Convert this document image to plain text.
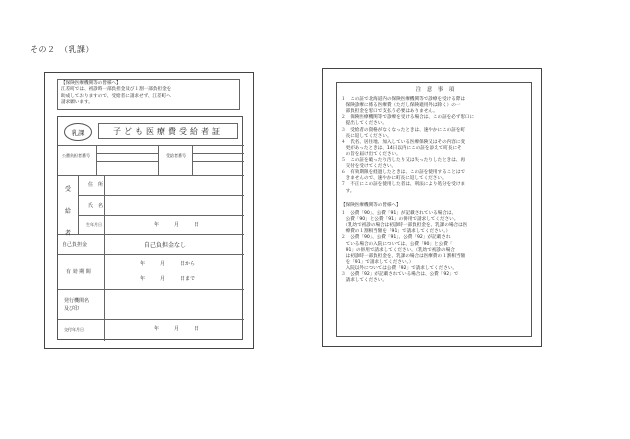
その２　（乳課）
【保険医療機関等の皆様へ】
江差町では、初診時一部負担金及び１割一部負担金を
助成しておりますので、受給者に請求せず、江差町へ
請求願います。
乳課	子ども医療費受給者証
公費負担者番号	受給者番号
受給者
住　所
氏　名
生年月日	年　　　月　　　日
自己負担金	自己負担金なし
有 効 期 間
年　　　月　　　日から
年　　　月　　　日まで
発行機関名及び印
交付年月日	年　　　月　　　日
注　意　事　項
１　この証で北海道内の保険医療機関等で診療を受ける際は
　保険診療に係る医療費（ただし保険適用外は除く）の一
　部負担金を窓口で支払う必要はありません。
２　保険医療機関等で診療を受ける場合は、この証を必ず窓口に
　提出してください。
３　受給者の資格がなくなったときは、速やかにこの証を町
　長に返してください。
４　氏名、居住地、加入している医療保険又はその内容に変
　更があったときは、14日以内にこの証を添えて町長にそ
　の旨を届け出てください。
５　この証を破ったり汚したり又は失ったりしたときは、再
　交付を受けてください。
６　有効期限を経過したときは、この証を使用することはで
　きませんので、速やかに町長に返してください。
７　不正にこの証を使用した者は、刑法により処分を受けま
　す。
【保険医療機関等の皆様へ】
１　公費「90」、公費「91」が記載されている場合は、
　公費「90」と公費「91」の併用で請求してください。
　（乳幼で初診の場合は初診時一部負担金を、乳課の場合は医
　療費の１割相当額を「91」で請求してください。）
２　公費「90」、公費「91」、公費「92」が記載され
　ている場合の入院については、公費「90」と公費「
　91」の併用で請求してください。（乳幼で初診の場合
　は初診時一部負担金を、乳課の場合は医療費の１割相当額
　を「91」で請求してください。）
　入院以外については公費「92」で請求してください。
３　公費「92」が記載されている場合は、公費「92」で
　請求してください。
